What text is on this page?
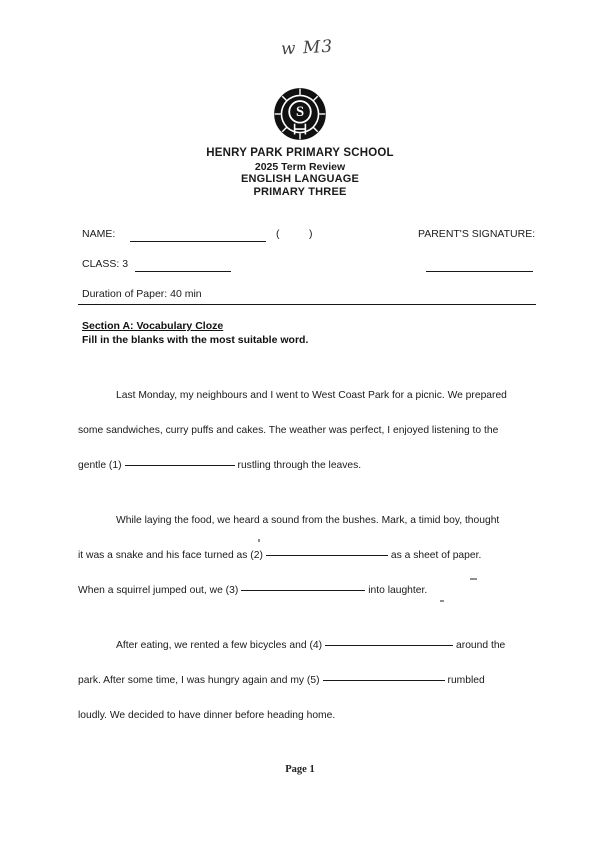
w M3
S
HENRY PARK PRIMARY SCHOOL
2025 Term Review
ENGLISH LANGUAGE
PRIMARY THREE
NAME:	(	)	PARENT'S SIGNATURE:
CLASS: 3
Duration of Paper: 40 min
Section A: Vocabulary Cloze
Fill in the blanks with the most suitable word.
Last Monday, my neighbours and I went to West Coast Park for a picnic. We prepared
some sandwiches, curry puffs and cakes. The weather was perfect, I enjoyed listening to the
gentle (1)	rustling through the leaves.
While laying the food, we heard a sound from the bushes. Mark, a timid boy, thought
it was a snake and his face turned as (2)	as a sheet of paper.
When a squirrel jumped out, we (3)	into laughter.
After eating, we rented a few bicycles and (4)	around the
park. After some time, I was hungry again and my (5)	rumbled
loudly. We decided to have dinner before heading home.
Page 1
